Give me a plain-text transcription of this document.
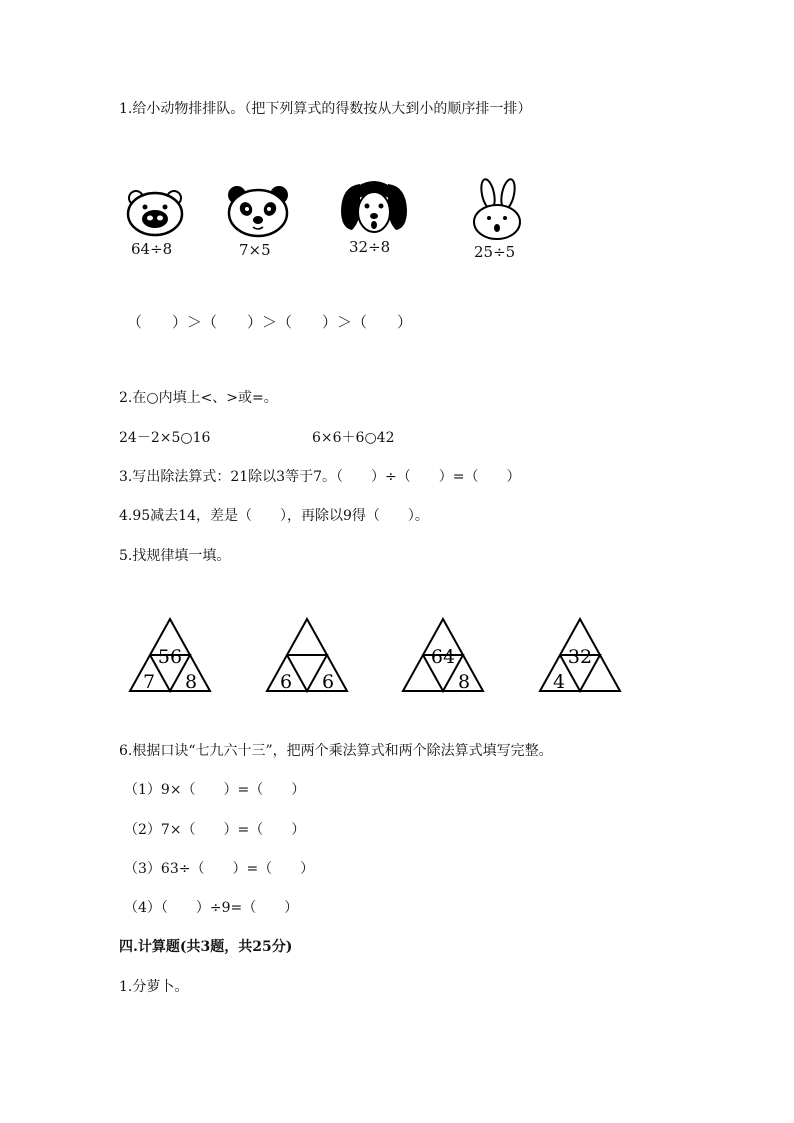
1.给小动物排排队。（把下列算式的得数按从大到小的顺序排一排）
64÷8	7×5	32÷8	25÷5
（　　）＞（　　）＞（　　）＞（　　）
2.在○内填上<、>或=。
24－2×5○16	6×6＋6○42
3.写出除法算式：21除以3等于7。（　　）÷（　　）=（　　）
4.95减去14，差是（　　），再除以9得（　　）。
5.找规律填一填。
56
7 8	6 6
64
8
32
4
6.根据口诀“七九六十三”，把两个乘法算式和两个除法算式填写完整。
（1）9×（　　）=（　　）
（2）7×（　　）=（　　）
（3）63÷（　　）=（　　）
（4）（　　）÷9=（　　）
四.计算题(共3题，共25分)
1.分萝卜。
